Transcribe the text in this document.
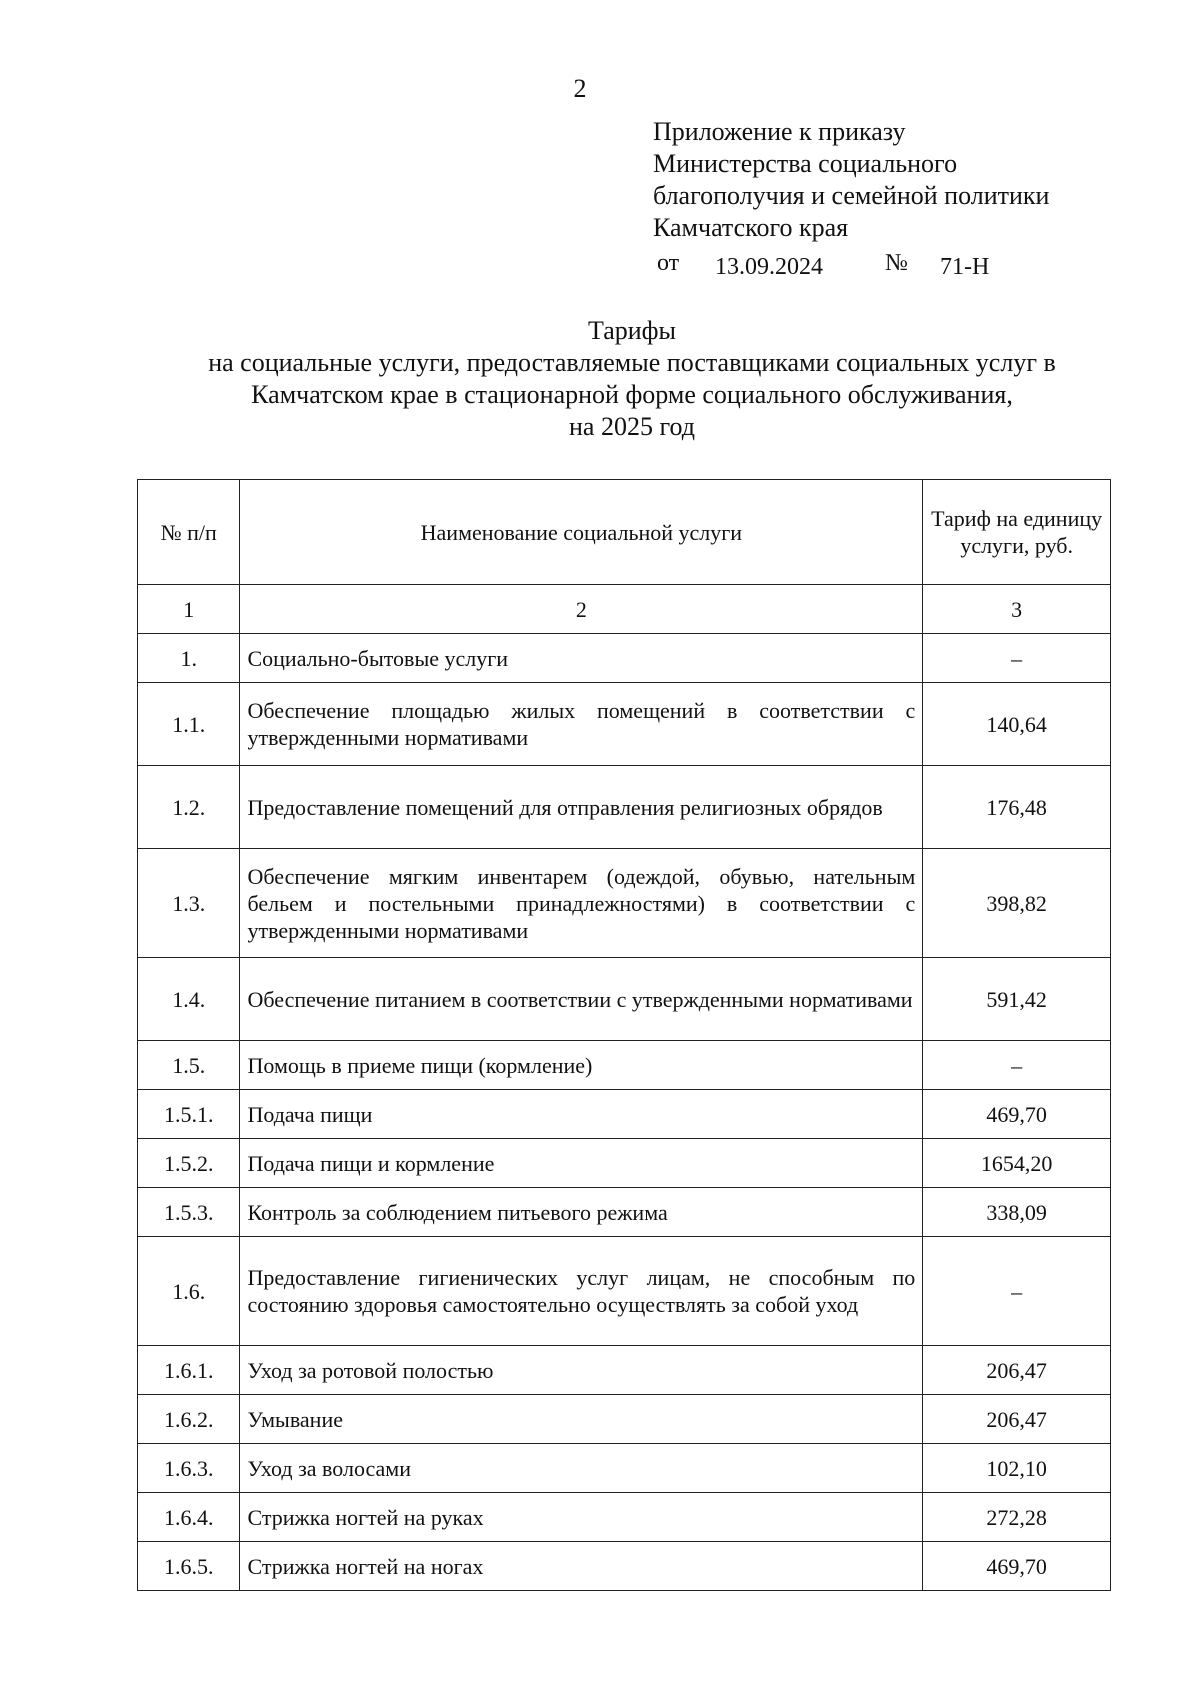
2
Приложение к приказу
Министерства социального
благополучия и семейной политики
Камчатского края
от 13.09.2024	№ 71-Н
Тарифы
на социальные услуги, предоставляемые поставщиками социальных услуг в
Камчатском крае в стационарной форме социального обслуживания,
на 2025 год
№ п/п	Наименование социальной услуги	Тариф на единицу услуги, руб.
1	2	3
1.	Социально-бытовые услуги	–
1.1.	Обеспечение площадью жилых помещений в соответствии с утвержденными нормативами	140,64
1.2.	Предоставление помещений для отправления религиозных обрядов	176,48
1.3.	Обеспечение мягким инвентарем (одеждой, обувью, нательным бельем и постельными принадлежностями) в соответствии с утвержденными нормативами	398,82
1.4.	Обеспечение питанием в соответствии с утвержденными нормативами	591,42
1.5.	Помощь в приеме пищи (кормление)	–
1.5.1.	Подача пищи	469,70
1.5.2.	Подача пищи и кормление	1654,20
1.5.3.	Контроль за соблюдением питьевого режима	338,09
1.6.	Предоставление гигиенических услуг лицам, не способным по состоянию здоровья самостоятельно осуществлять за собой уход	–
1.6.1.	Уход за ротовой полостью	206,47
1.6.2.	Умывание	206,47
1.6.3.	Уход за волосами	102,10
1.6.4.	Стрижка ногтей на руках	272,28
1.6.5.	Стрижка ногтей на ногах	469,70
